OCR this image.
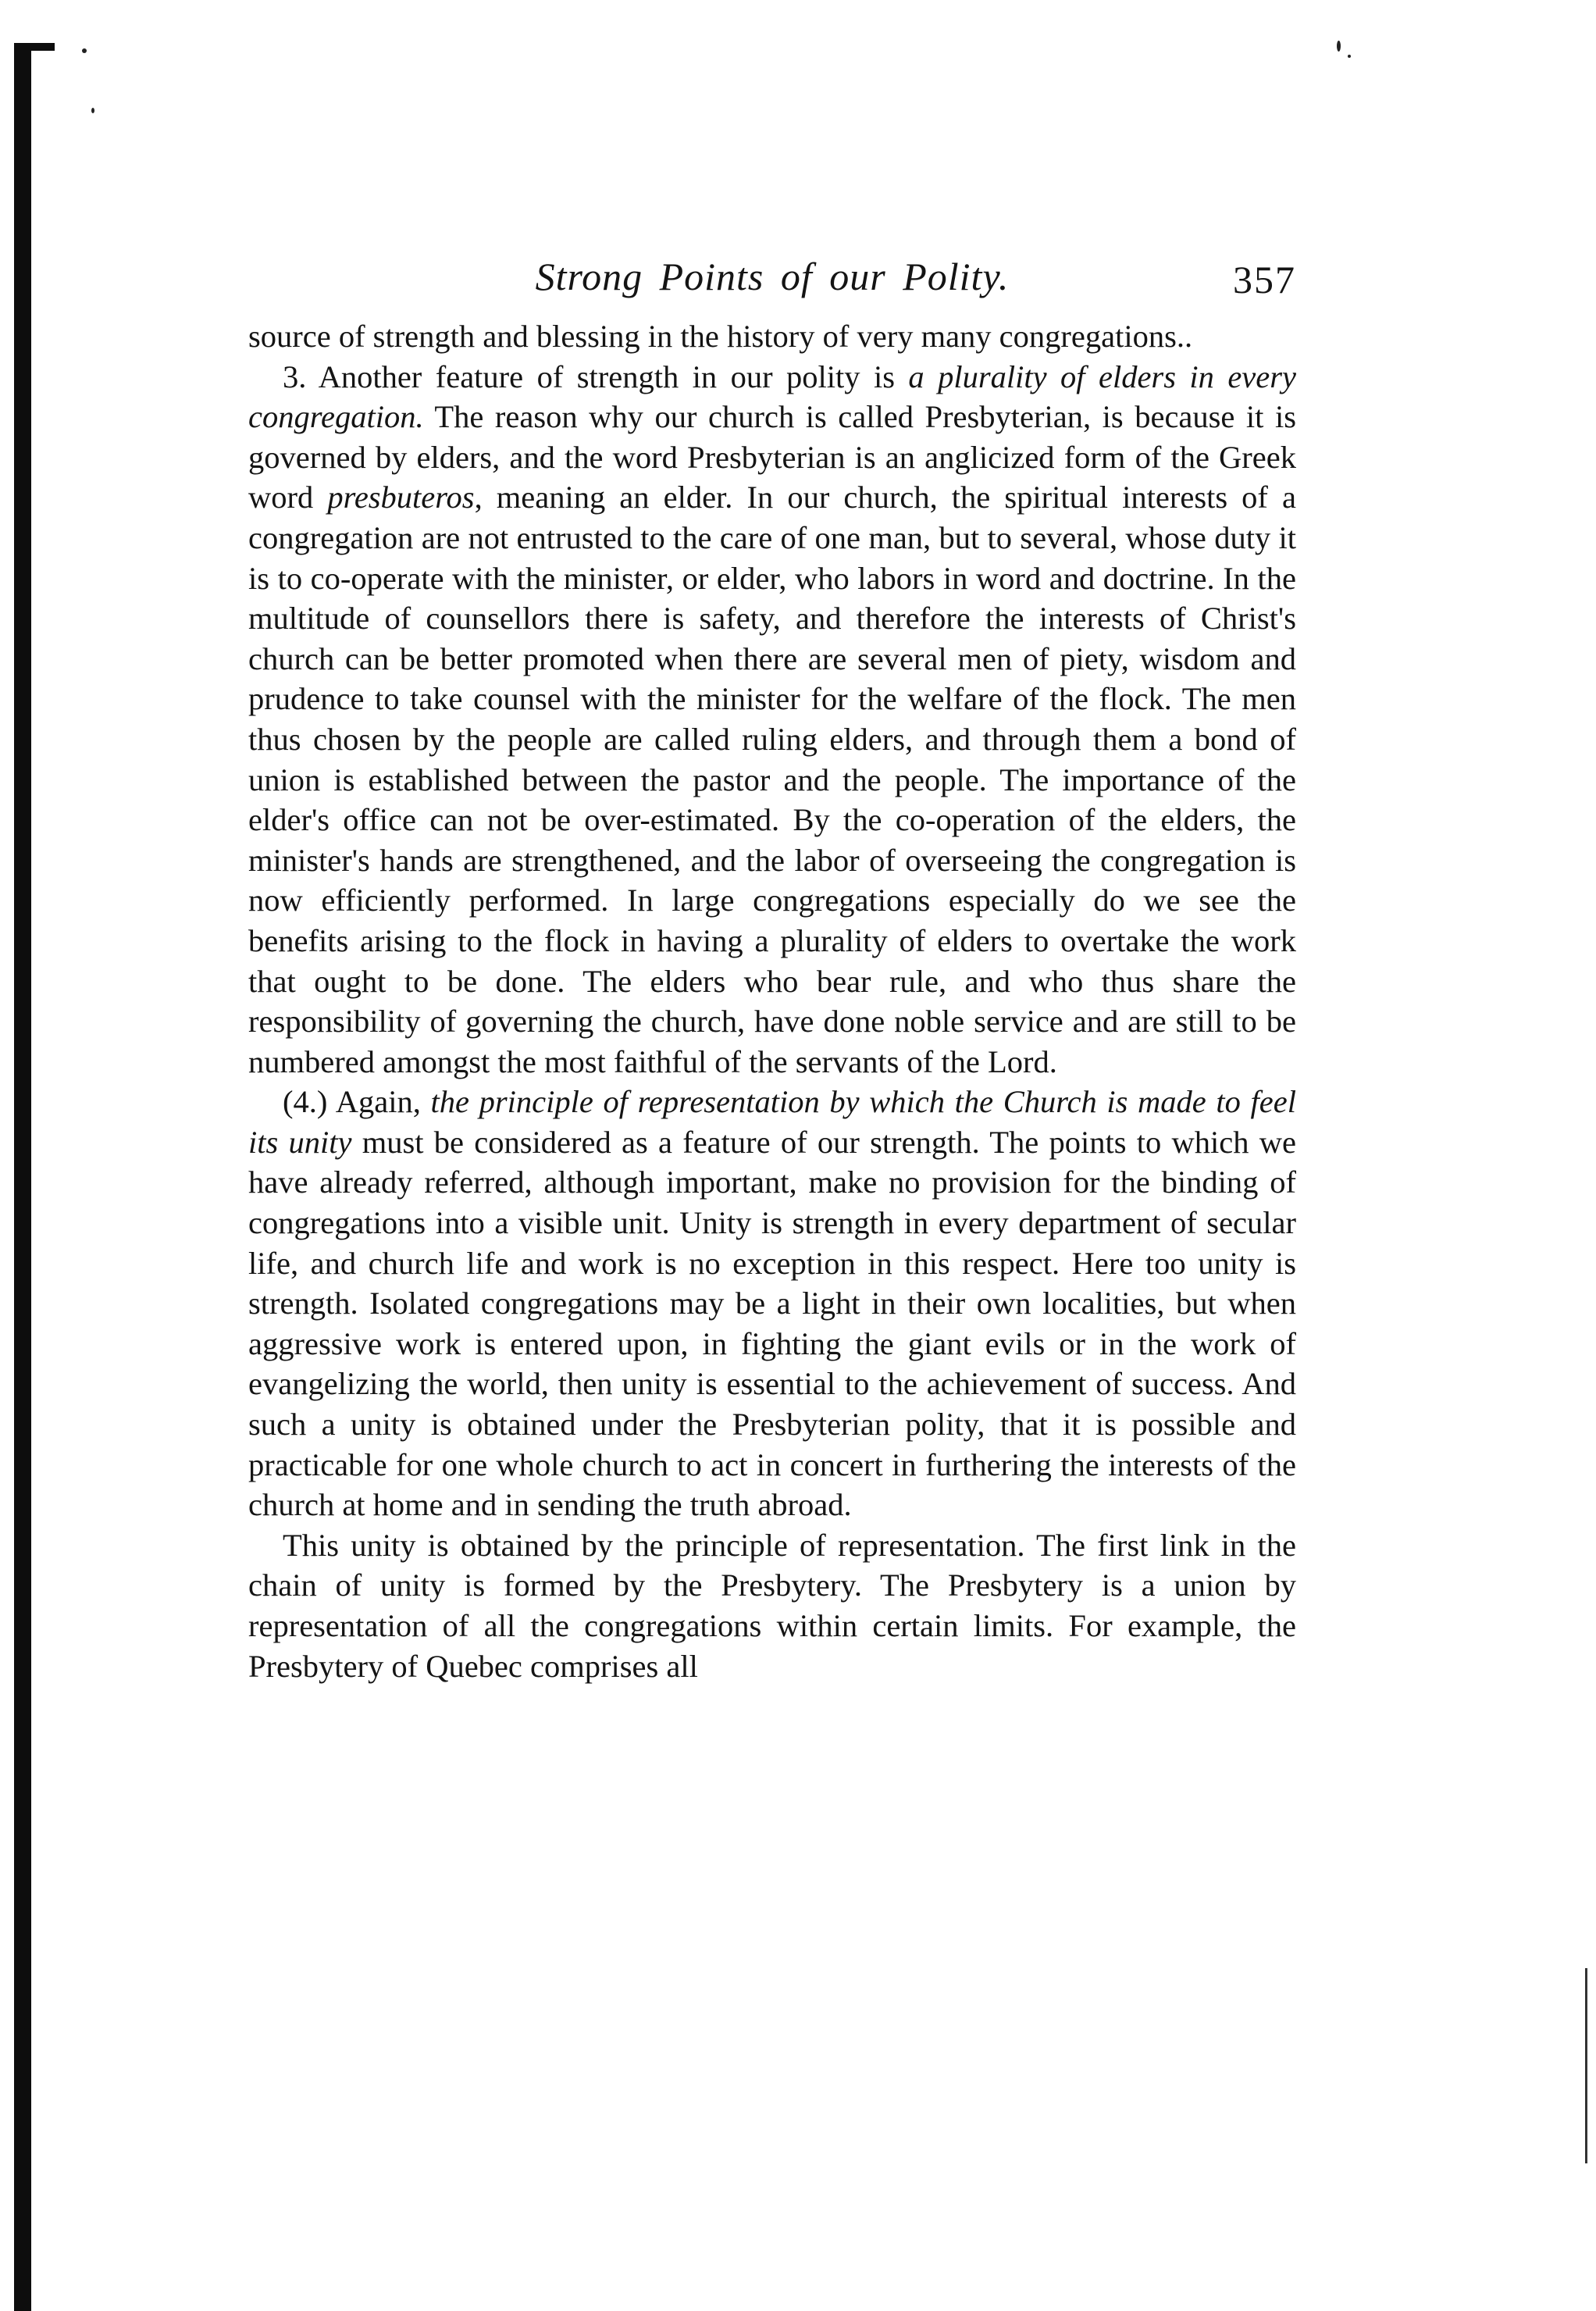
Strong Points of our Polity.	357

source of strength and blessing in the history of very many congregations..

3. Another feature of strength in our polity is a plurality of elders in every congregation. The reason why our church is called Presbyterian, is because it is governed by elders, and the word Presbyterian is an anglicized form of the Greek word presbuteros, meaning an elder. In our church, the spiritual interests of a congregation are not entrusted to the care of one man, but to several, whose duty it is to co-operate with the minister, or elder, who labors in word and doctrine. In the multitude of counsellors there is safety, and therefore the interests of Christ's church can be better promoted when there are several men of piety, wisdom and prudence to take counsel with the minister for the welfare of the flock. The men thus chosen by the people are called ruling elders, and through them a bond of union is established between the pastor and the people. The importance of the elder's office can not be over-estimated. By the co-operation of the elders, the minister's hands are strengthened, and the labor of overseeing the congregation is now efficiently performed. In large congregations especially do we see the benefits arising to the flock in having a plurality of elders to overtake the work that ought to be done. The elders who bear rule, and who thus share the responsibility of governing the church, have done noble service and are still to be numbered amongst the most faithful of the servants of the Lord.

(4.) Again, the principle of representation by which the Church is made to feel its unity must be considered as a feature of our strength. The points to which we have already referred, although important, make no provision for the binding of congregations into a visible unit. Unity is strength in every department of secular life, and church life and work is no exception in this respect. Here too unity is strength. Isolated congregations may be a light in their own localities, but when aggressive work is entered upon, in fighting the giant evils or in the work of evangelizing the world, then unity is essential to the achievement of success. And such a unity is obtained under the Presbyterian polity, that it is possible and practicable for one whole church to act in concert in furthering the interests of the church at home and in sending the truth abroad.

This unity is obtained by the principle of representation. The first link in the chain of unity is formed by the Presbytery. The Presbytery is a union by representation of all the congregations within certain limits. For example, the Presbytery of Quebec comprises all
